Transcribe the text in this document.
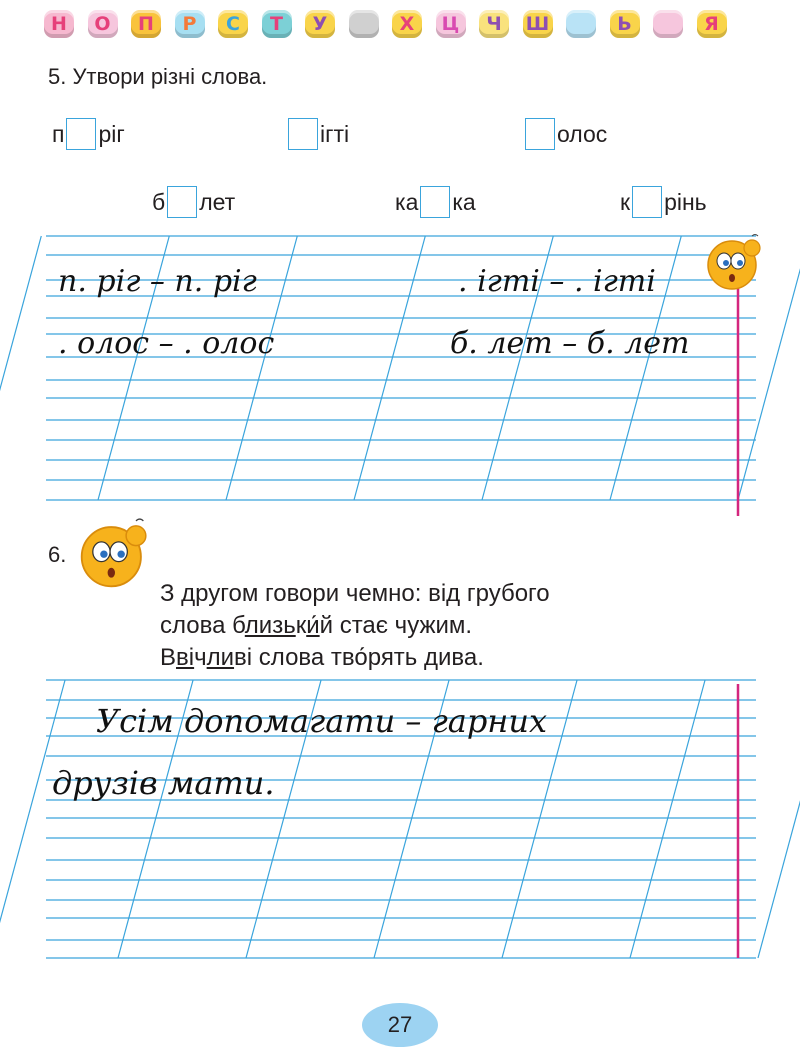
Н	О	П	Р	С	Т	У	Ф	Х	Ц	Ч	Ш Щ	Ь	Ю	Я
5. Утвори різні слова.
п ріг	ігті	олос
б лет	ка ка	к рінь
п. ріг – п. ріг	. ігті – . ігті
. олос – . олос	б. лет – б. лет
6.
З другом говори чемно: від грубого
слова близьки́й стає чужим.
Ввічливі слова тво́рять дива.
Усім допомагати – гарних
друзів мати.
27
